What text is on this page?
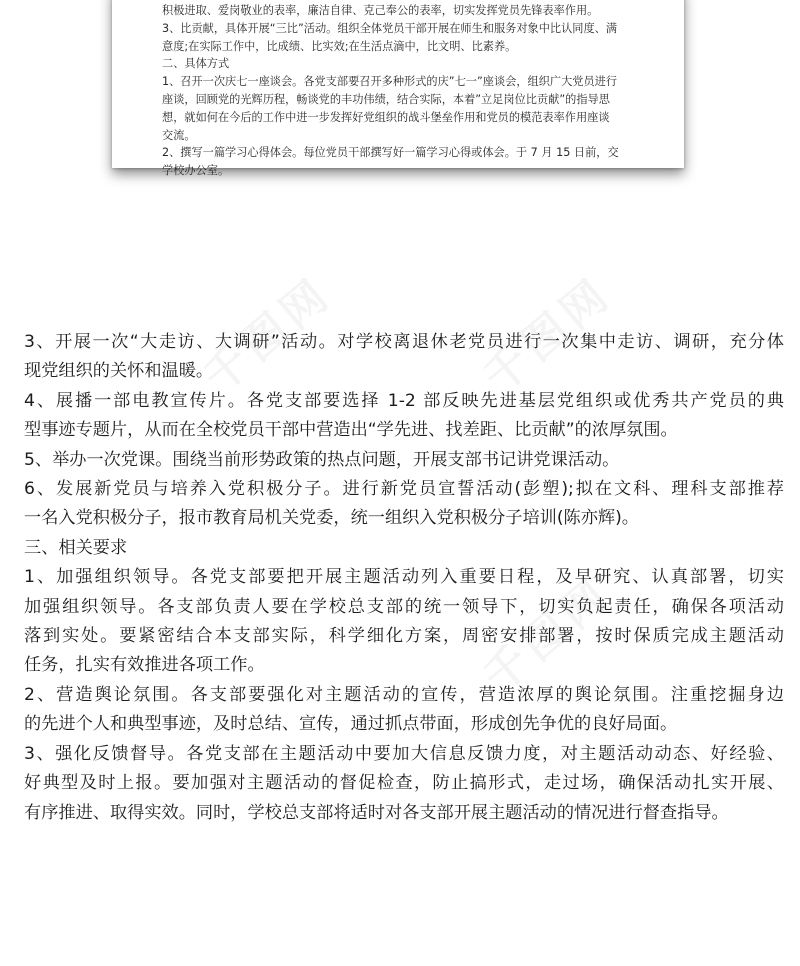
积极进取、爱岗敬业的表率，廉洁自律、克己奉公的表率，切实发挥党员先锋表率作用。
3、比贡献，具体开展“三比”活动。组织全体党员干部开展在师生和服务对象中比认同度、满
意度;在实际工作中，比成绩、比实效;在生活点滴中，比文明、比素养。
二、具体方式
1、召开一次庆七一座谈会。各党支部要召开多种形式的庆”七一”座谈会，组织广大党员进行
座谈，回顾党的光辉历程，畅谈党的丰功伟绩，结合实际，本着”立足岗位比贡献”的指导思
想，就如何在今后的工作中进一步发挥好党组织的战斗堡垒作用和党员的模范表率作用座谈
交流。
2、撰写一篇学习心得体会。每位党员干部撰写好一篇学习心得或体会。于 7 月 15 日前，交
学校办公室。
3、开展一次“大走访、大调研”活动。对学校离退休老党员进行一次集中走访、调研，充分体
现党组织的关怀和温暖。
4、展播一部电教宣传片。各党支部要选择 1-2 部反映先进基层党组织或优秀共产党员的典
型事迹专题片，从而在全校党员干部中营造出“学先进、找差距、比贡献”的浓厚氛围。
5、举办一次党课。围绕当前形势政策的热点问题，开展支部书记讲党课活动。
6、发展新党员与培养入党积极分子。进行新党员宣誓活动(彭塑);拟在文科、理科支部推荐
一名入党积极分子，报市教育局机关党委，统一组织入党积极分子培训(陈亦辉)。
三、相关要求
1、加强组织领导。各党支部要把开展主题活动列入重要日程，及早研究、认真部署，切实
加强组织领导。各支部负责人要在学校总支部的统一领导下，切实负起责任，确保各项活动
落到实处。要紧密结合本支部实际，科学细化方案，周密安排部署，按时保质完成主题活动
任务，扎实有效推进各项工作。
2、营造舆论氛围。各支部要强化对主题活动的宣传，营造浓厚的舆论氛围。注重挖掘身边
的先进个人和典型事迹，及时总结、宣传，通过抓点带面，形成创先争优的良好局面。
3、强化反馈督导。各党支部在主题活动中要加大信息反馈力度，对主题活动动态、好经验、
好典型及时上报。要加强对主题活动的督促检查，防止搞形式，走过场，确保活动扎实开展、
有序推进、取得实效。同时，学校总支部将适时对各支部开展主题活动的情况进行督查指导。
